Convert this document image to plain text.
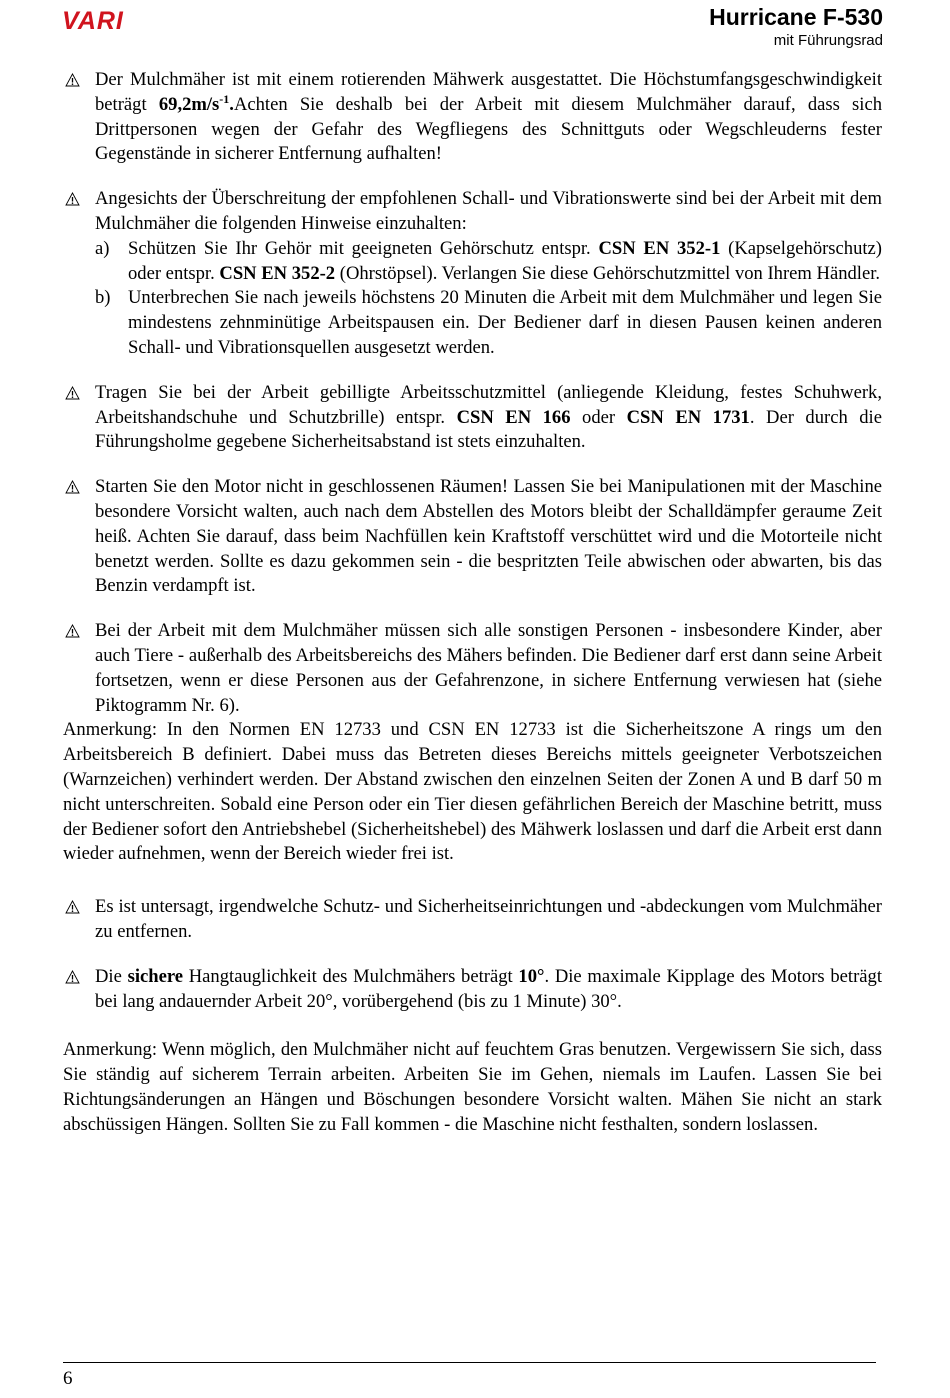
VARI	Hurricane F-530
mit Führungsrad

Der Mulchmäher ist mit einem rotierenden Mähwerk ausgestattet. Die Höchstumfangsgeschwindigkeit beträgt $69,2m/s^{-1}.Achten$ Sie deshalb bei der Arbeit mit diesem Mulchmäher darauf, dass sich Drittpersonen wegen der Gefahr des Wegfliegens des Schnittguts oder Wegschleuderns fester Gegenstände in sicherer Entfernung aufhalten!

Angesichts der Überschreitung der empfohlenen Schall- und Vibrationswerte sind bei der Arbeit mit dem Mulchmäher die folgenden Hinweise einzuhalten:

a) Schützen Sie Ihr Gehör mit geeigneten Gehörschutz entspr. CSN EN 352-1 (Kapselgehörschutz) oder entspr. CSN EN 352-2 (Ohrstöpsel). Verlangen Sie diese Gehörschutzmittel von Ihrem Händler.
b) Unterbrechen Sie nach jeweils höchstens 20 Minuten die Arbeit mit dem Mulchmäher und legen Sie mindestens zehnminütige Arbeitspausen ein. Der Bediener darf in diesen Pausen keinen anderen Schall- und Vibrationsquellen ausgesetzt werden.

Tragen Sie bei der Arbeit gebilligte Arbeitsschutzmittel (anliegende Kleidung, festes Schuhwerk, Arbeitshandschuhe und Schutzbrille) entspr. CSN EN 166 oder CSN EN 1731. Der durch die Führungsholme gegebene Sicherheitsabstand ist stets einzuhalten.

Starten Sie den Motor nicht in geschlossenen Räumen! Lassen Sie bei Manipulationen mit der Maschine besondere Vorsicht walten, auch nach dem Abstellen des Motors bleibt der Schalldämpfer geraume Zeit heiß. Achten Sie darauf, dass beim Nachfüllen kein Kraftstoff verschüttet wird und die Motorteile nicht benetzt werden. Sollte es dazu gekommen sein - die bespritzten Teile abwischen oder abwarten, bis das Benzin verdampft ist.

Bei der Arbeit mit dem Mulchmäher müssen sich alle sonstigen Personen - insbesondere Kinder, aber auch Tiere - außerhalb des Arbeitsbereichs des Mähers befinden. Die Bediener darf erst dann seine Arbeit fortsetzen, wenn er diese Personen aus der Gefahrenzone, in sichere Entfernung verwiesen hat (siehe Piktogramm Nr. 6).

Anmerkung: In den Normen EN 12733 und CSN EN 12733 ist die Sicherheitszone A rings um den Arbeitsbereich B definiert. Dabei muss das Betreten dieses Bereichs mittels geeigneter Verbotszeichen (Warnzeichen) verhindert werden. Der Abstand zwischen den einzelnen Seiten der Zonen A und B darf 50 m nicht unterschreiten. Sobald eine Person oder ein Tier diesen gefährlichen Bereich der Maschine betritt, muss der Bediener sofort den Antriebshebel (Sicherheitshebel) des Mähwerk loslassen und darf die Arbeit erst dann wieder aufnehmen, wenn der Bereich wieder frei ist.

Es ist untersagt, irgendwelche Schutz- und Sicherheitseinrichtungen und -abdeckungen vom Mulchmäher zu entfernen.

Die sichere Hangtauglichkeit des Mulchmähers beträgt 10°. Die maximale Kipplage des Motors beträgt bei lang andauernder Arbeit 20°, vorübergehend (bis zu 1 Minute) 30°.

Anmerkung: Wenn möglich, den Mulchmäher nicht auf feuchtem Gras benutzen. Vergewissern Sie sich, dass Sie ständig auf sicherem Terrain arbeiten. Arbeiten Sie im Gehen, niemals im Laufen. Lassen Sie bei Richtungsänderungen an Hängen und Böschungen besondere Vorsicht walten. Mähen Sie nicht an stark abschüssigen Hängen. Sollten Sie zu Fall kommen - die Maschine nicht festhalten, sondern loslassen.

6
